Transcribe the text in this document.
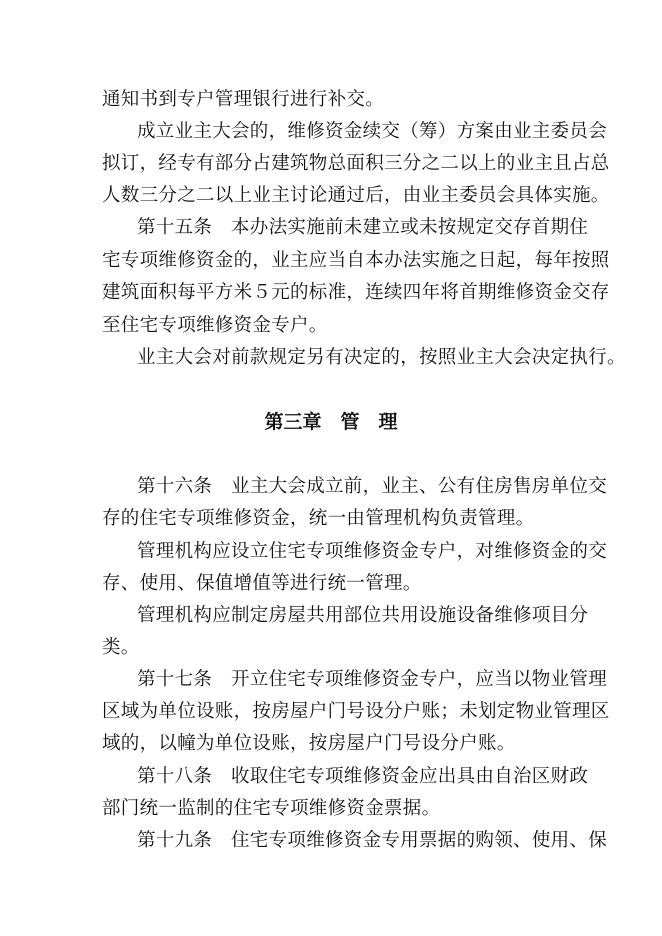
通知书到专户管理银行进行补交。
成立业主大会的，维修资金续交（筹）方案由业主委员会
拟订，经专有部分占建筑物总面积三分之二以上的业主且占总
人数三分之二以上业主讨论通过后，由业主委员会具体实施。
第十五条　本办法实施前未建立或未按规定交存首期住
宅专项维修资金的，业主应当自本办法实施之日起，每年按照
建筑面积每平方米５元的标准，连续四年将首期维修资金交存
至住宅专项维修资金专户。
业主大会对前款规定另有决定的，按照业主大会决定执行。
第三章　管　理
第十六条　业主大会成立前，业主、公有住房售房单位交
存的住宅专项维修资金，统一由管理机构负责管理。
管理机构应设立住宅专项维修资金专户，对维修资金的交
存、使用、保值增值等进行统一管理。
管理机构应制定房屋共用部位共用设施设备维修项目分
类。
第十七条　开立住宅专项维修资金专户，应当以物业管理
区域为单位设账，按房屋户门号设分户账；未划定物业管理区
域的，以幢为单位设账，按房屋户门号设分户账。
第十八条　收取住宅专项维修资金应出具由自治区财政
部门统一监制的住宅专项维修资金票据。
第十九条　住宅专项维修资金专用票据的购领、使用、保
